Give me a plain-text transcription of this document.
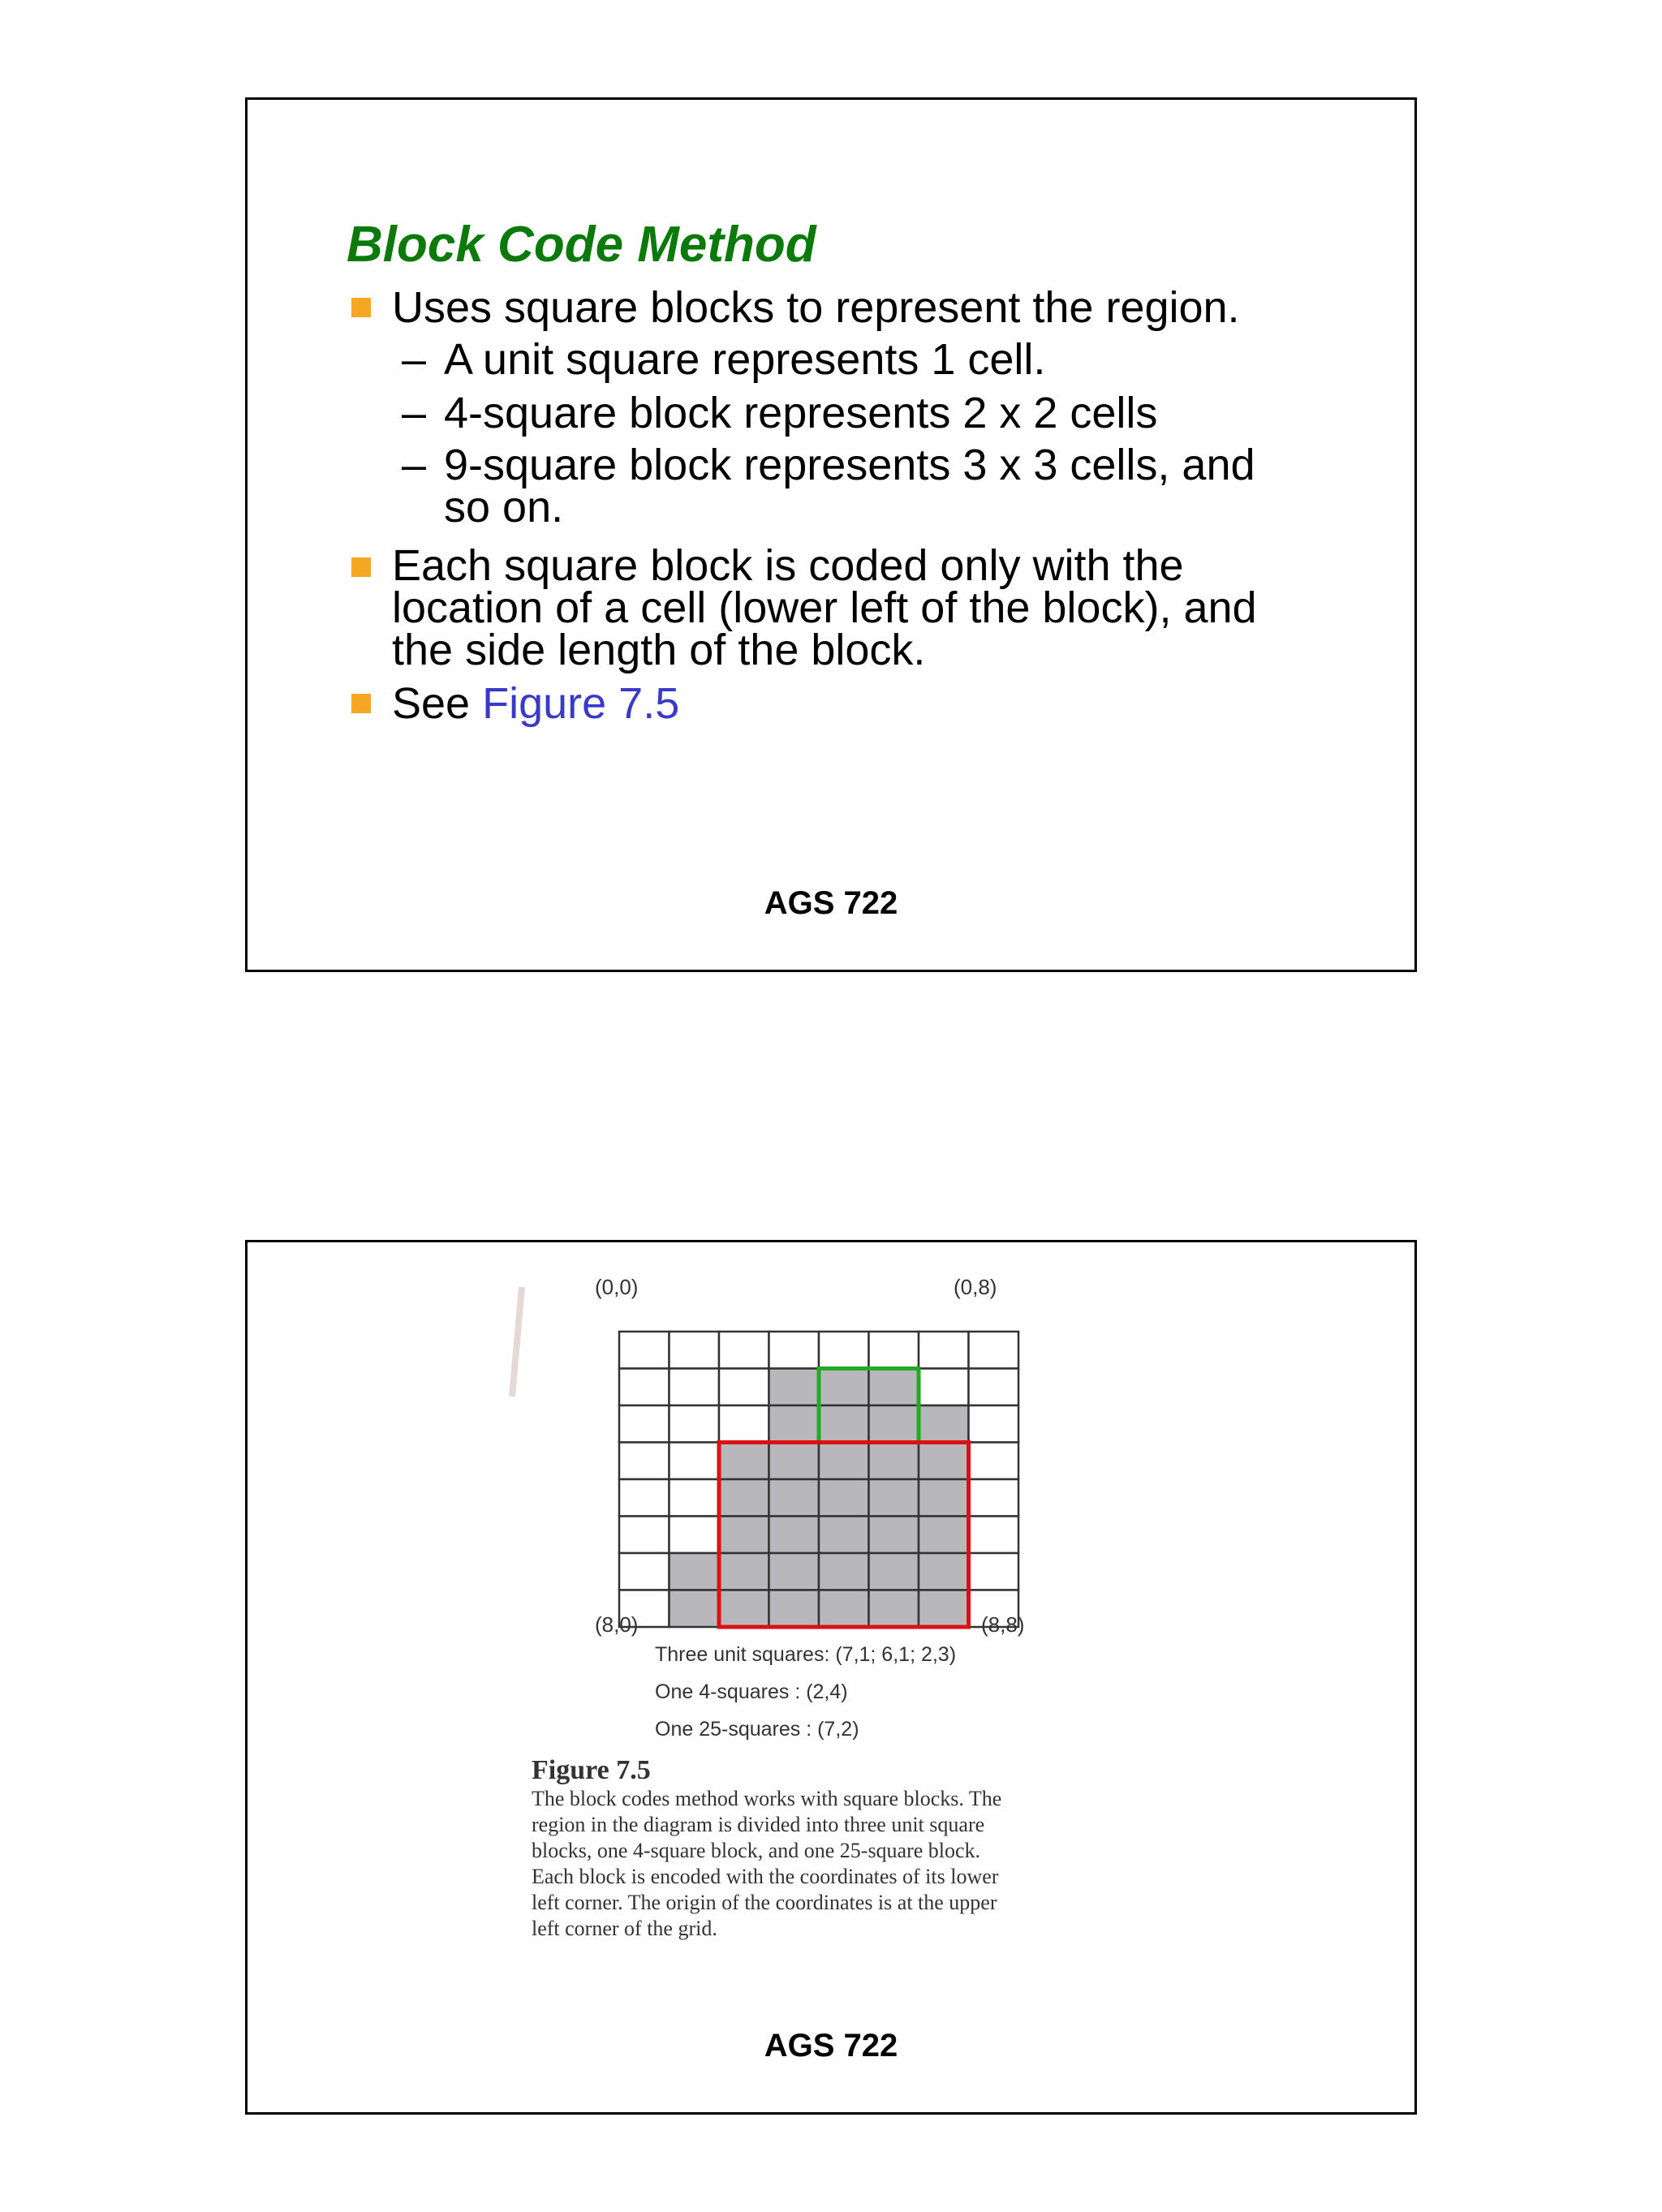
Block Code Method
Uses square blocks to represent the region.
– A unit square represents 1 cell.
– 4-square block represents 2 x 2 cells
– 9-square block represents 3 x 3 cells, and
so on.
Each square block is coded only with the
location of a cell (lower left of the block), and
the side length of the block.
See Figure 7.5
AGS 722
(0,0)	(0,8)
(8,0)	(8,8)
Three unit squares: (7,1; 6,1; 2,3)
One 4-squares : (2,4)
One 25-squares : (7,2)
Figure 7.5
The block codes method works with square blocks. The
region in the diagram is divided into three unit square
blocks, one 4-square block, and one 25-square block.
Each block is encoded with the coordinates of its lower
left corner. The origin of the coordinates is at the upper
left corner of the grid.
AGS 722
